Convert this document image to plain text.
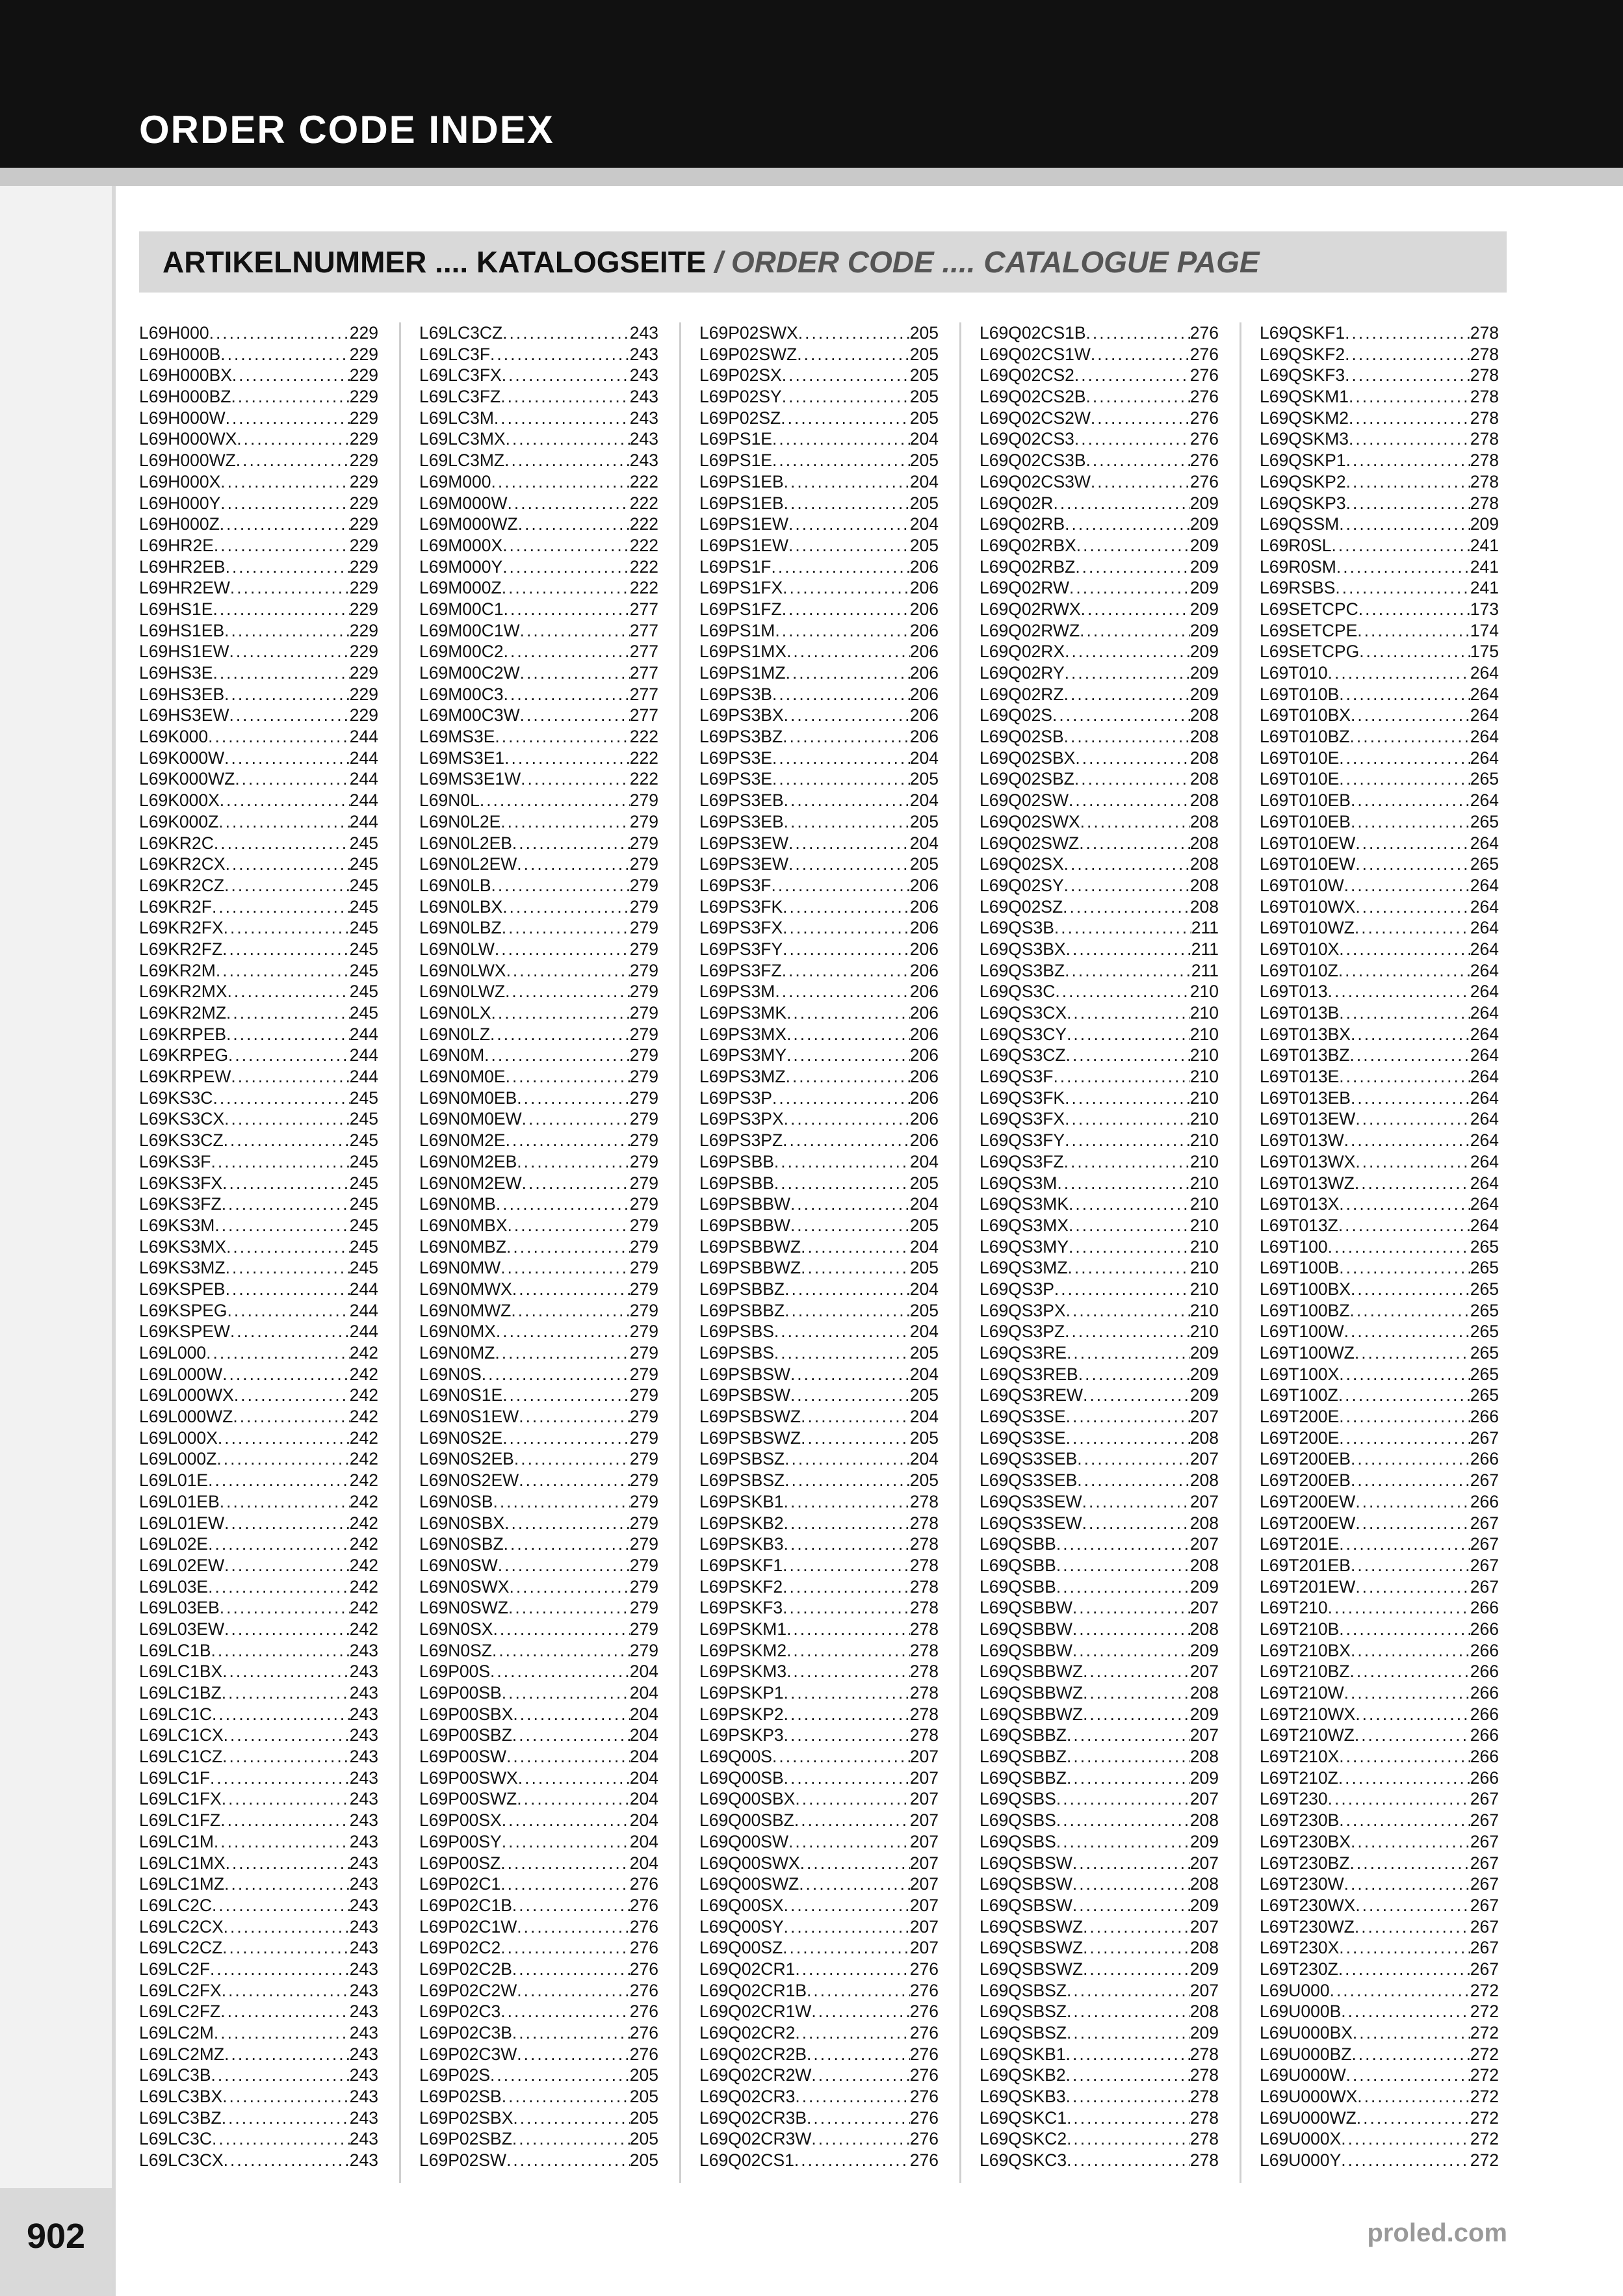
ORDER CODE INDEX
ARTIKELNUMMER .... KATALOGSEITE / ORDER CODE .... CATALOGUE PAGE
L69H000 .....	229
L69H000B .....	229
L69H000BX .....	229
L69H000BZ .....	229
L69H000W .....	229
L69H000WX .....	229
L69H000WZ .....	229
L69H000X .....	229
L69H000Y .....	229
L69H000Z .....	229
L69HR2E .....	229
L69HR2EB .....	229
L69HR2EW .....	229
L69HS1E .....	229
L69HS1EB .....	229
L69HS1EW .....	229
L69HS3E .....	229
L69HS3EB .....	229
L69HS3EW .....	229
L69K000 .....	244
L69K000W .....	244
L69K000WZ .....	244
L69K000X .....	244
L69K000Z .....	244
L69KR2C .....	245
L69KR2CX .....	245
L69KR2CZ .....	245
L69KR2F .....	245
L69KR2FX .....	245
L69KR2FZ .....	245
L69KR2M .....	245
L69KR2MX .....	245
L69KR2MZ .....	245
L69KRPEB .....	244
L69KRPEG .....	244
L69KRPEW .....	244
L69KS3C .....	245
L69KS3CX .....	245
L69KS3CZ .....	245
L69KS3F .....	245
L69KS3FX .....	245
L69KS3FZ .....	245
L69KS3M .....	245
L69KS3MX .....	245
L69KS3MZ .....	245
L69KSPEB .....	244
L69KSPEG .....	244
L69KSPEW .....	244
L69L000 .....	242
L69L000W .....	242
L69L000WX .....	242
L69L000WZ .....	242
L69L000X .....	242
L69L000Z .....	242
L69L01E .....	242
L69L01EB .....	242
L69L01EW .....	242
L69L02E .....	242
L69L02EW .....	242
L69L03E .....	242
L69L03EB .....	242
L69L03EW .....	242
L69LC1B .....	243
L69LC1BX .....	243
L69LC1BZ .....	243
L69LC1C .....	243
L69LC1CX .....	243
L69LC1CZ .....	243
L69LC1F .....	243
L69LC1FX .....	243
L69LC1FZ .....	243
L69LC1M .....	243
L69LC1MX .....	243
L69LC1MZ .....	243
L69LC2C .....	243
L69LC2CX .....	243
L69LC2CZ .....	243
L69LC2F .....	243
L69LC2FX .....	243
L69LC2FZ .....	243
L69LC2M .....	243
L69LC2MZ .....	243
L69LC3B .....	243
L69LC3BX .....	243
L69LC3BZ .....	243
L69LC3C .....	243
L69LC3CX .....	243
L69LC3CZ .....	243
L69LC3F .....	243
L69LC3FX .....	243
L69LC3FZ .....	243
L69LC3M .....	243
L69LC3MX .....	243
L69LC3MZ .....	243
L69M000 .....	222
L69M000W .....	222
L69M000WZ .....	222
L69M000X .....	222
L69M000Y .....	222
L69M000Z .....	222
L69M00C1 .....	277
L69M00C1W .....	277
L69M00C2 .....	277
L69M00C2W .....	277
L69M00C3 .....	277
L69M00C3W .....	277
L69MS3E .....	222
L69MS3E1 .....	222
L69MS3E1W .....	222
L69N0L .....	279
L69N0L2E .....	279
L69N0L2EB .....	279
L69N0L2EW .....	279
L69N0LB .....	279
L69N0LBX .....	279
L69N0LBZ .....	279
L69N0LW .....	279
L69N0LWX .....	279
L69N0LWZ .....	279
L69N0LX .....	279
L69N0LZ .....	279
L69N0M .....	279
L69N0M0E .....	279
L69N0M0EB .....	279
L69N0M0EW .....	279
L69N0M2E .....	279
L69N0M2EB .....	279
L69N0M2EW .....	279
L69N0MB .....	279
L69N0MBX .....	279
L69N0MBZ .....	279
L69N0MW .....	279
L69N0MWX .....	279
L69N0MWZ .....	279
L69N0MX .....	279
L69N0MZ .....	279
L69N0S .....	279
L69N0S1E .....	279
L69N0S1EW .....	279
L69N0S2E .....	279
L69N0S2EB .....	279
L69N0S2EW .....	279
L69N0SB .....	279
L69N0SBX .....	279
L69N0SBZ .....	279
L69N0SW .....	279
L69N0SWX .....	279
L69N0SWZ .....	279
L69N0SX .....	279
L69N0SZ .....	279
L69P00S .....	204
L69P00SB .....	204
L69P00SBX .....	204
L69P00SBZ .....	204
L69P00SW .....	204
L69P00SWX .....	204
L69P00SWZ .....	204
L69P00SX .....	204
L69P00SY .....	204
L69P00SZ .....	204
L69P02C1 .....	276
L69P02C1B .....	276
L69P02C1W .....	276
L69P02C2 .....	276
L69P02C2B .....	276
L69P02C2W .....	276
L69P02C3 .....	276
L69P02C3B .....	276
L69P02C3W .....	276
L69P02S .....	205
L69P02SB .....	205
L69P02SBX .....	205
L69P02SBZ .....	205
L69P02SW .....	205
L69P02SWX .....	205
L69P02SWZ .....	205
L69P02SX .....	205
L69P02SY .....	205
L69P02SZ .....	205
L69PS1E .....	204
L69PS1E .....	205
L69PS1EB .....	204
L69PS1EB .....	205
L69PS1EW .....	204
L69PS1EW .....	205
L69PS1F .....	206
L69PS1FX .....	206
L69PS1FZ .....	206
L69PS1M .....	206
L69PS1MX .....	206
L69PS1MZ .....	206
L69PS3B .....	206
L69PS3BX .....	206
L69PS3BZ .....	206
L69PS3E .....	204
L69PS3E .....	205
L69PS3EB .....	204
L69PS3EB .....	205
L69PS3EW .....	204
L69PS3EW .....	205
L69PS3F .....	206
L69PS3FK .....	206
L69PS3FX .....	206
L69PS3FY .....	206
L69PS3FZ .....	206
L69PS3M .....	206
L69PS3MK .....	206
L69PS3MX .....	206
L69PS3MY .....	206
L69PS3MZ .....	206
L69PS3P .....	206
L69PS3PX .....	206
L69PS3PZ .....	206
L69PSBB .....	204
L69PSBB .....	205
L69PSBBW .....	204
L69PSBBW .....	205
L69PSBBWZ .....	204
L69PSBBWZ .....	205
L69PSBBZ .....	204
L69PSBBZ .....	205
L69PSBS .....	204
L69PSBS .....	205
L69PSBSW .....	204
L69PSBSW .....	205
L69PSBSWZ .....	204
L69PSBSWZ .....	205
L69PSBSZ .....	204
L69PSBSZ .....	205
L69PSKB1 .....	278
L69PSKB2 .....	278
L69PSKB3 .....	278
L69PSKF1 .....	278
L69PSKF2 .....	278
L69PSKF3 .....	278
L69PSKM1 .....	278
L69PSKM2 .....	278
L69PSKM3 .....	278
L69PSKP1 .....	278
L69PSKP2 .....	278
L69PSKP3 .....	278
L69Q00S .....	207
L69Q00SB .....	207
L69Q00SBX .....	207
L69Q00SBZ .....	207
L69Q00SW .....	207
L69Q00SWX .....	207
L69Q00SWZ .....	207
L69Q00SX .....	207
L69Q00SY .....	207
L69Q00SZ .....	207
L69Q02CR1 .....	276
L69Q02CR1B .....	276
L69Q02CR1W .....	276
L69Q02CR2 .....	276
L69Q02CR2B .....	276
L69Q02CR2W .....	276
L69Q02CR3 .....	276
L69Q02CR3B .....	276
L69Q02CR3W .....	276
L69Q02CS1 .....	276
L69Q02CS1B .....	276
L69Q02CS1W .....	276
L69Q02CS2 .....	276
L69Q02CS2B .....	276
L69Q02CS2W .....	276
L69Q02CS3 .....	276
L69Q02CS3B .....	276
L69Q02CS3W .....	276
L69Q02R .....	209
L69Q02RB .....	209
L69Q02RBX .....	209
L69Q02RBZ .....	209
L69Q02RW .....	209
L69Q02RWX .....	209
L69Q02RWZ .....	209
L69Q02RX .....	209
L69Q02RY .....	209
L69Q02RZ .....	209
L69Q02S .....	208
L69Q02SB .....	208
L69Q02SBX .....	208
L69Q02SBZ .....	208
L69Q02SW .....	208
L69Q02SWX .....	208
L69Q02SWZ .....	208
L69Q02SX .....	208
L69Q02SY .....	208
L69Q02SZ .....	208
L69QS3B .....	211
L69QS3BX .....	211
L69QS3BZ .....	211
L69QS3C .....	210
L69QS3CX .....	210
L69QS3CY .....	210
L69QS3CZ .....	210
L69QS3F .....	210
L69QS3FK .....	210
L69QS3FX .....	210
L69QS3FY .....	210
L69QS3FZ .....	210
L69QS3M .....	210
L69QS3MK .....	210
L69QS3MX .....	210
L69QS3MY .....	210
L69QS3MZ .....	210
L69QS3P .....	210
L69QS3PX .....	210
L69QS3PZ .....	210
L69QS3RE .....	209
L69QS3REB .....	209
L69QS3REW .....	209
L69QS3SE .....	207
L69QS3SE .....	208
L69QS3SEB .....	207
L69QS3SEB .....	208
L69QS3SEW .....	207
L69QS3SEW .....	208
L69QSBB .....	207
L69QSBB .....	208
L69QSBB .....	209
L69QSBBW .....	207
L69QSBBW .....	208
L69QSBBW .....	209
L69QSBBWZ .....	207
L69QSBBWZ .....	208
L69QSBBWZ .....	209
L69QSBBZ .....	207
L69QSBBZ .....	208
L69QSBBZ .....	209
L69QSBS .....	207
L69QSBS .....	208
L69QSBS .....	209
L69QSBSW .....	207
L69QSBSW .....	208
L69QSBSW .....	209
L69QSBSWZ .....	207
L69QSBSWZ .....	208
L69QSBSWZ .....	209
L69QSBSZ .....	207
L69QSBSZ .....	208
L69QSBSZ .....	209
L69QSKB1 .....	278
L69QSKB2 .....	278
L69QSKB3 .....	278
L69QSKC1 .....	278
L69QSKC2 .....	278
L69QSKC3 .....	278
L69QSKF1 .....	278
L69QSKF2 .....	278
L69QSKF3 .....	278
L69QSKM1 .....	278
L69QSKM2 .....	278
L69QSKM3 .....	278
L69QSKP1 .....	278
L69QSKP2 .....	278
L69QSKP3 .....	278
L69QSSM .....	209
L69R0SL .....	241
L69R0SM .....	241
L69RSBS .....	241
L69SETCPC .....	173
L69SETCPE .....	174
L69SETCPG .....	175
L69T010 .....	264
L69T010B .....	264
L69T010BX .....	264
L69T010BZ .....	264
L69T010E .....	264
L69T010E .....	265
L69T010EB .....	264
L69T010EB .....	265
L69T010EW .....	264
L69T010EW .....	265
L69T010W .....	264
L69T010WX .....	264
L69T010WZ .....	264
L69T010X .....	264
L69T010Z .....	264
L69T013 .....	264
L69T013B .....	264
L69T013BX .....	264
L69T013BZ .....	264
L69T013E .....	264
L69T013EB .....	264
L69T013EW .....	264
L69T013W .....	264
L69T013WX .....	264
L69T013WZ .....	264
L69T013X .....	264
L69T013Z .....	264
L69T100 .....	265
L69T100B .....	265
L69T100BX .....	265
L69T100BZ .....	265
L69T100W .....	265
L69T100WZ .....	265
L69T100X .....	265
L69T100Z .....	265
L69T200E .....	266
L69T200E .....	267
L69T200EB .....	266
L69T200EB .....	267
L69T200EW .....	266
L69T200EW .....	267
L69T201E .....	267
L69T201EB .....	267
L69T201EW .....	267
L69T210 .....	266
L69T210B .....	266
L69T210BX .....	266
L69T210BZ .....	266
L69T210W .....	266
L69T210WX .....	266
L69T210WZ .....	266
L69T210X .....	266
L69T210Z .....	266
L69T230 .....	267
L69T230B .....	267
L69T230BX .....	267
L69T230BZ .....	267
L69T230W .....	267
L69T230WX .....	267
L69T230WZ .....	267
L69T230X .....	267
L69T230Z .....	267
L69U000 .....	272
L69U000B .....	272
L69U000BX .....	272
L69U000BZ .....	272
L69U000W .....	272
L69U000WX .....	272
L69U000WZ .....	272
L69U000X .....	272
L69U000Y .....	272
902	proled.com
